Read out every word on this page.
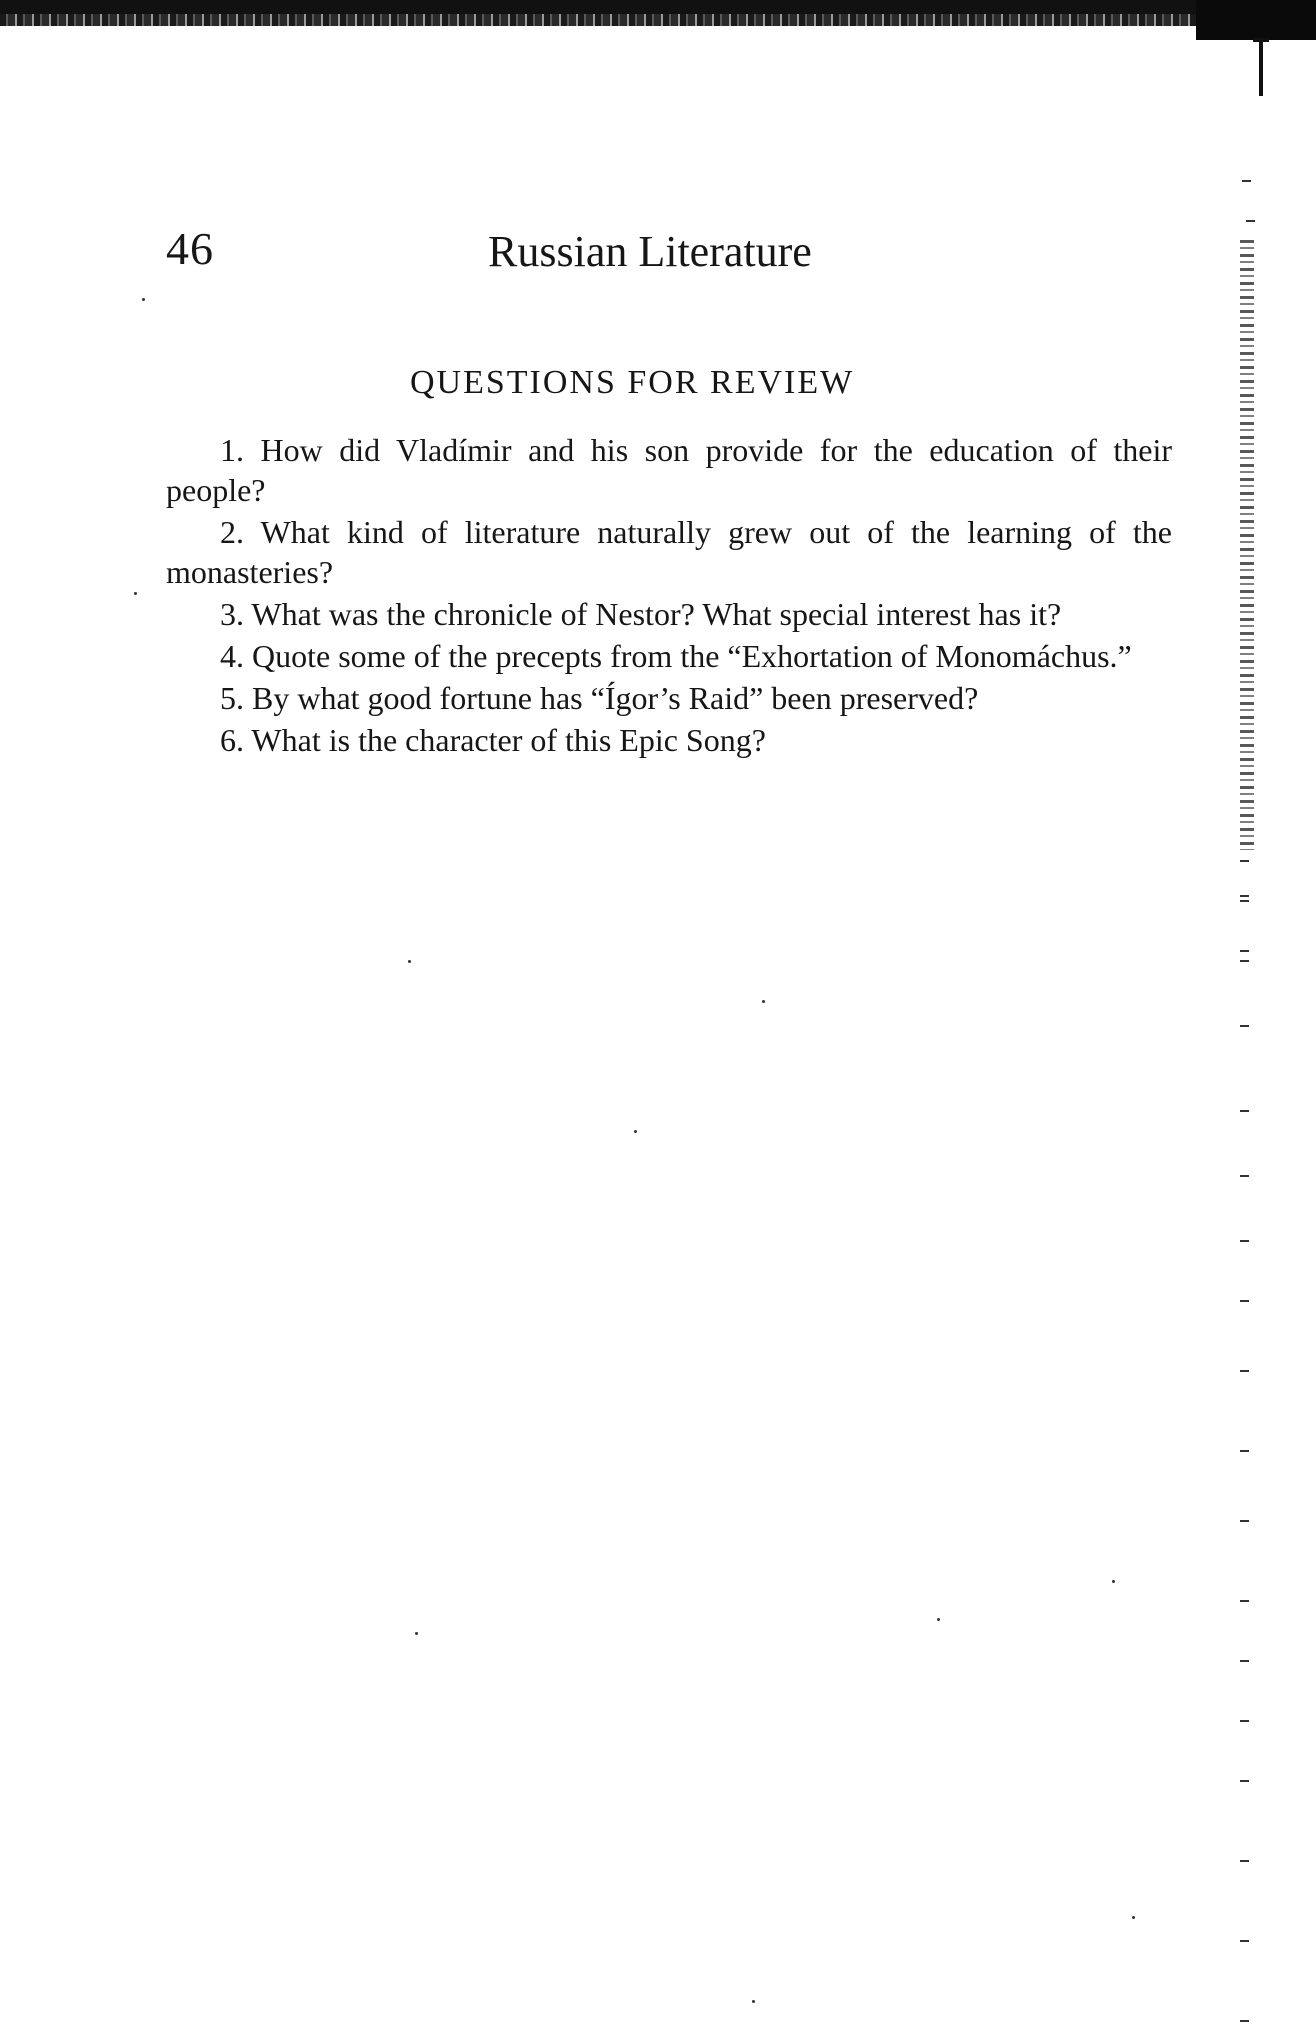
46	Russian Literature
QUESTIONS FOR REVIEW

1. How did Vladímir and his son provide for the education of their people?

2. What kind of literature naturally grew out of the learning of the monasteries?

3. What was the chronicle of Nestor? What special interest has it?

4. Quote some of the precepts from the “Exhortation of Monomáchus.”

5. By what good fortune has “Ígor’s Raid” been preserved?

6. What is the character of this Epic Song?
